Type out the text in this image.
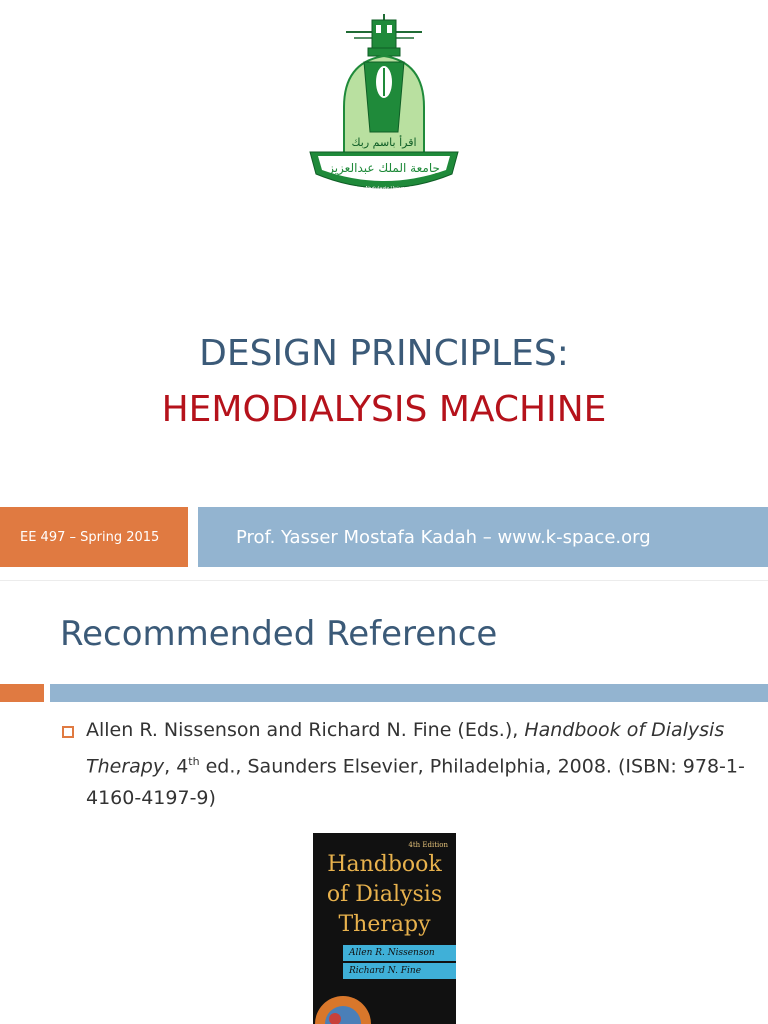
اقرأ باسم ربك
جامعة الملك عبدالعزيز
King Abdulaziz University
DESIGN PRINCIPLES:
HEMODIALYSIS MACHINE
EE 497 – Spring 2015	Prof. Yasser Mostafa Kadah – www.k-space.org
Recommended Reference
Allen R. Nissenson and Richard N. Fine (Eds.), Handbook of Dialysis Therapy, 4th ed., Saunders Elsevier, Philadelphia, 2008. (ISBN: 978-1-4160-4197-9)
4th Edition
Handbook
of Dialysis
Therapy
Allen R. Nissenson
Richard N. Fine
